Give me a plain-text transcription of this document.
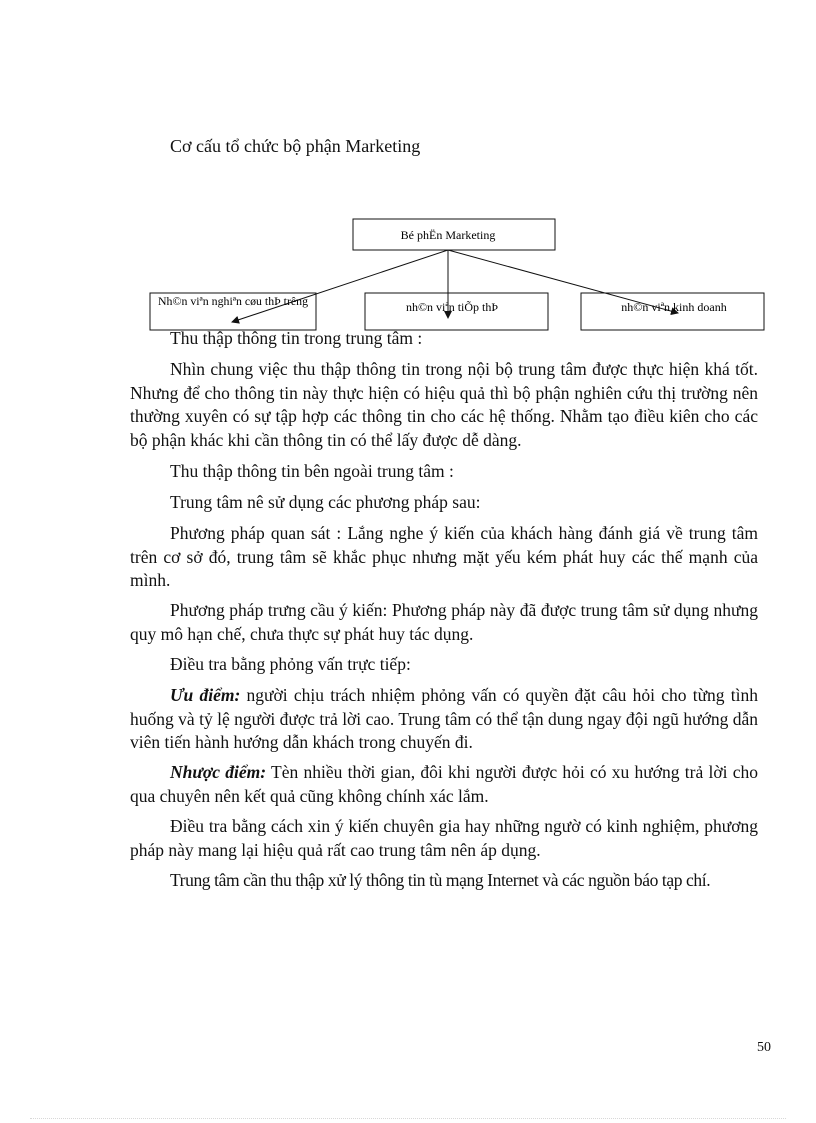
Cơ cấu tổ chức bộ phận Marketing
Bé phËn Marketing
Nh©n viªn nghiªn cøu thÞ trêng	nh©n viªn tiÕp thÞ	nh©n viªn kinh doanh
Thu thập thông tin trong trung tâm :
Nhìn chung việc thu thập thông tin trong nội bộ trung tâm được thực hiện khá tốt. Nhưng để cho thông tin này thực hiện có hiệu quả thì bộ phận nghiên cứu thị trường nên thường xuyên có sự tập hợp các thông tin cho các hệ thống. Nhằm tạo điều kiên cho các bộ phận khác khi cần thông tin có thể lấy được dễ dàng.
Thu thập thông tin bên ngoài trung tâm :
Trung tâm nê sử dụng các phương pháp sau:
Phương pháp quan sát : Lắng nghe ý kiến của khách hàng đánh giá về trung tâm trên cơ sở đó, trung tâm sẽ khắc phục nhưng mặt yếu kém phát huy các thế mạnh của mình.
Phương pháp trưng cầu ý kiến: Phương pháp này đã được trung tâm sử dụng nhưng quy mô hạn chế, chưa thực sự phát huy tác dụng.
Điều tra bằng phỏng vấn trực tiếp:
Ưu điểm: người chịu trách nhiệm phỏng vấn có quyền đặt câu hỏi cho từng tình huống và tỷ lệ người được trả lời cao. Trung tâm có thể tận dung ngay đội ngũ hướng dẫn viên tiến hành hướng dẫn khách trong chuyến đi.
Nhược điểm: Tèn nhiều thời gian, đôi khi người được hỏi có xu hướng trả lời cho qua chuyên nên kết quả cũng không chính xác lắm.
Điều tra bằng cách xin ý kiến chuyên gia hay những ngườ có kinh nghiệm, phương pháp này mang lại hiệu quả rất cao trung tâm nên áp dụng.
Trung tâm cần thu thập xử lý thông tin tù mạng Internet và các nguồn báo tạp chí.
50
